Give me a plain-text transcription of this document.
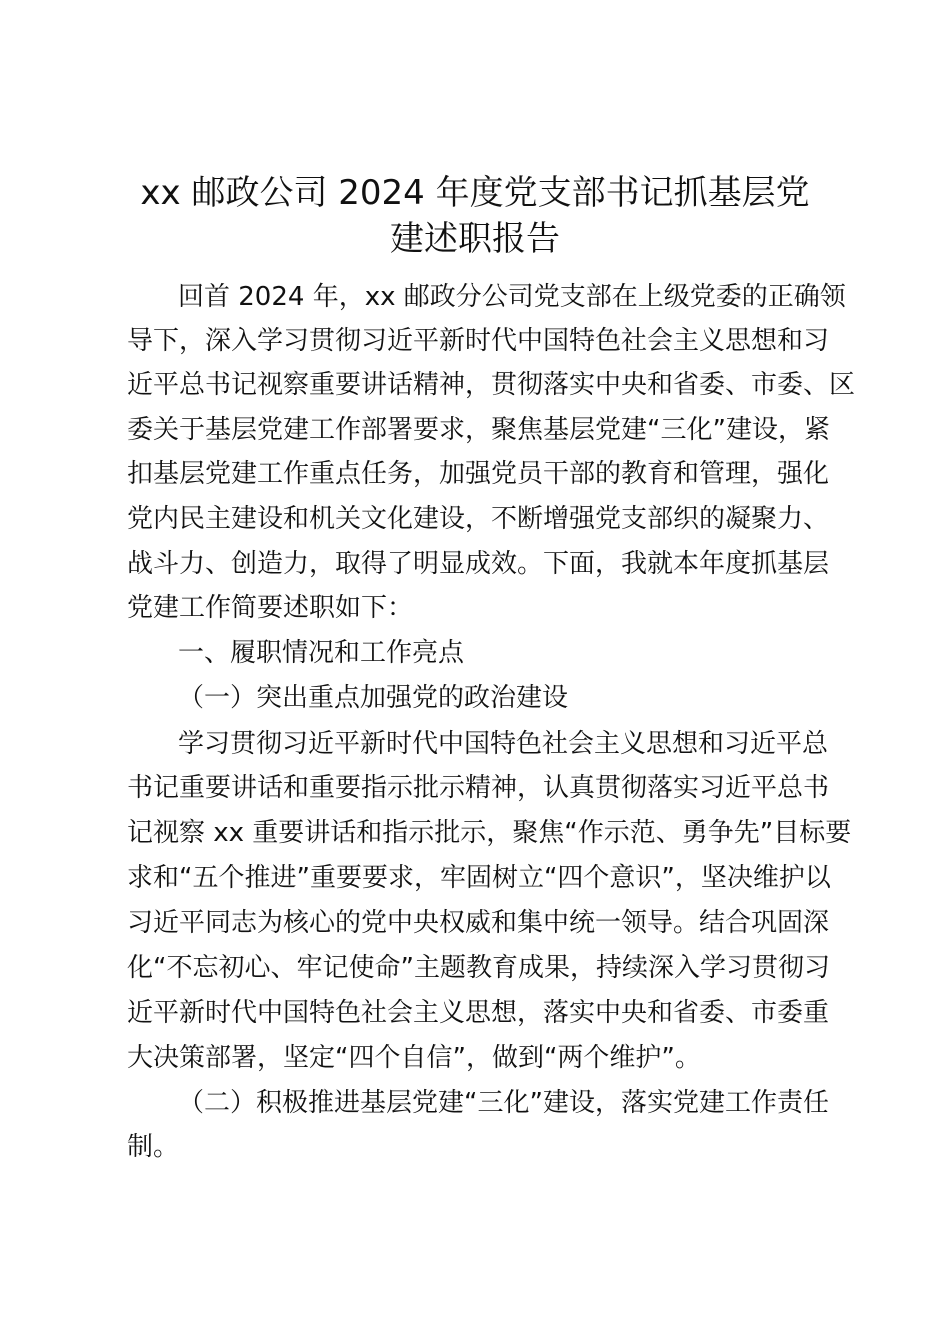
xx 邮政公司 2024 年度党支部书记抓基层党
建述职报告

回首 2024 年，xx 邮政分公司党支部在上级党委的正确领

导下，深入学习贯彻习近平新时代中国特色社会主义思想和习

近平总书记视察重要讲话精神，贯彻落实中央和省委、市委、区

委关于基层党建工作部署要求，聚焦基层党建“三化”建设，紧

扣基层党建工作重点任务，加强党员干部的教育和管理，强化

党内民主建设和机关文化建设，不断增强党支部织的凝聚力、

战斗力、创造力，取得了明显成效。下面，我就本年度抓基层

党建工作简要述职如下：

一、履职情况和工作亮点

（一）突出重点加强党的政治建设

学习贯彻习近平新时代中国特色社会主义思想和习近平总

书记重要讲话和重要指示批示精神，认真贯彻落实习近平总书

记视察 xx 重要讲话和指示批示，聚焦“作示范、勇争先”目标要

求和“五个推进”重要要求，牢固树立“四个意识”，坚决维护以

习近平同志为核心的党中央权威和集中统一领导。结合巩固深

化“不忘初心、牢记使命”主题教育成果，持续深入学习贯彻习

近平新时代中国特色社会主义思想，落实中央和省委、市委重

大决策部署，坚定“四个自信”，做到“两个维护”。

（二）积极推进基层党建“三化”建设，落实党建工作责任

制。
